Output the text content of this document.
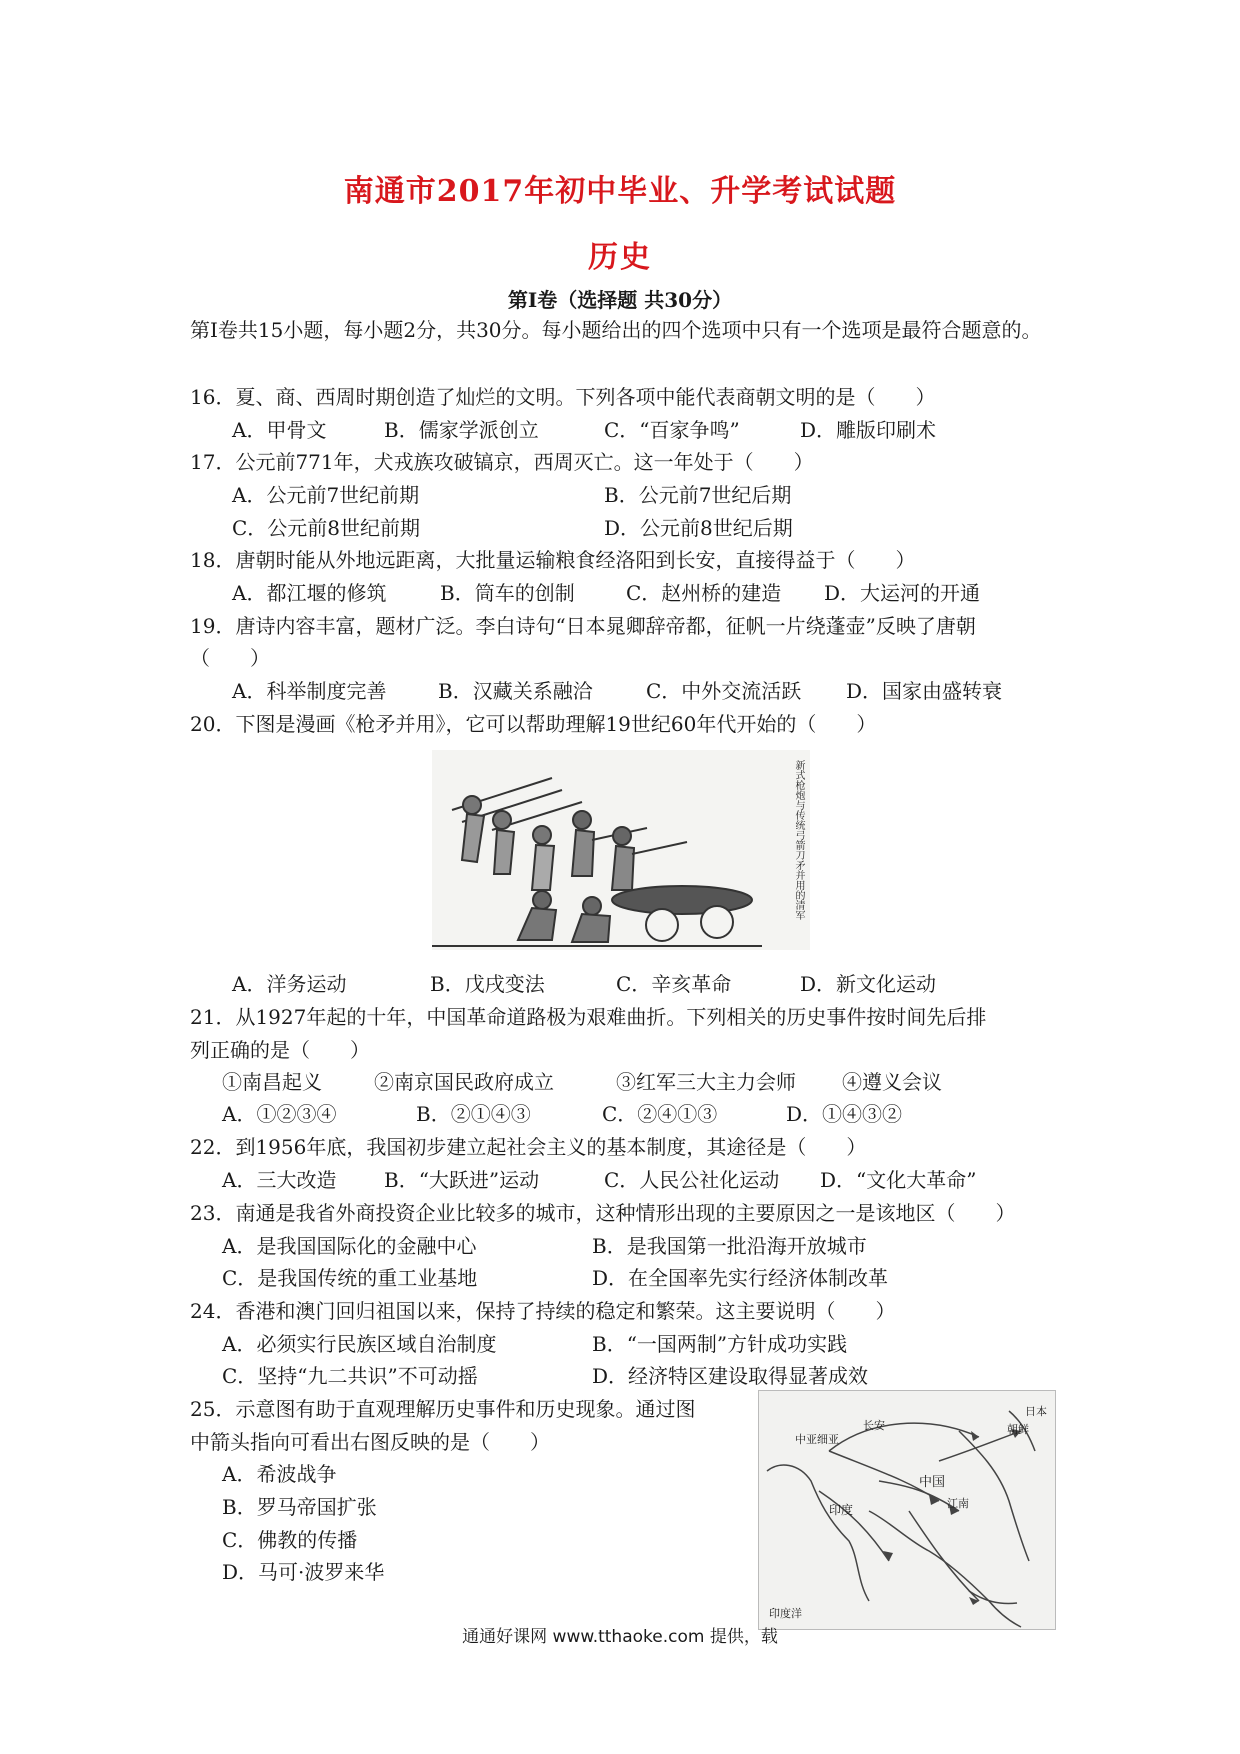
南通市2017年初中毕业、升学考试试题
历史
第Ⅰ卷（选择题 共30分）
第Ⅰ卷共15小题，每小题2分，共30分。每小题给出的四个选项中只有一个选项是最符合题意的。
16．夏、商、西周时期创造了灿烂的文明。下列各项中能代表商朝文明的是（　　）
A．甲骨文	B．儒家学派创立	C．“百家争鸣”	D．雕版印刷术
17．公元前771年，犬戎族攻破镐京，西周灭亡。这一年处于（　　）
A．公元前7世纪前期	B．公元前7世纪后期
C．公元前8世纪前期	D．公元前8世纪后期
18．唐朝时能从外地远距离，大批量运输粮食经洛阳到长安，直接得益于（　　）
A．都江堰的修筑	B．筒车的创制	C．赵州桥的建造 D．大运河的开通
19．唐诗内容丰富，题材广泛。李白诗句“日本晁卿辞帝都，征帆一片绕蓬壶”反映了唐朝
（　　）
A．科举制度完善	B．汉藏关系融洽	C．中外交流活跃 D．国家由盛转衰
20．下图是漫画《枪矛并用》，它可以帮助理解19世纪60年代开始的（　　）
新式枪炮与传统弓箭刀矛并用的清军
A．洋务运动	B．戊戌变法	C．辛亥革命	D．新文化运动
21．从1927年起的十年，中国革命道路极为艰难曲折。下列相关的历史事件按时间先后排
列正确的是（　　）
①南昌起义	②南京国民政府成立	③红军三大主力会师 ④遵义会议
A．①②③④	B．②①④③	C．②④①③	D．①④③②
22．到1956年底，我国初步建立起社会主义的基本制度，其途径是（　　）
A．三大改造 B．“大跃进”运动	C．人民公社化运动 D．“文化大革命”
23．南通是我省外商投资企业比较多的城市，这种情形出现的主要原因之一是该地区（　　）
A．是我国国际化的金融中心	B．是我国第一批沿海开放城市
C．是我国传统的重工业基地	D．在全国率先实行经济体制改革
24．香港和澳门回归祖国以来，保持了持续的稳定和繁荣。这主要说明（　　）
A．必须实行民族区域自治制度	B．“一国两制”方针成功实践
C．坚持“九二共识”不可动摇	D．经济特区建设取得显著成效
25．示意图有助于直观理解历史事件和历史现象。通过图
中箭头指向可看出右图反映的是（　　）
A．希波战争
B．罗马帝国扩张
C．佛教的传播
D．马可·波罗来华
中亚细亚
长安
中国
江南
朝鲜
日本
印度
印度洋
通通好课网 www.tthaoke.com 提供，载
